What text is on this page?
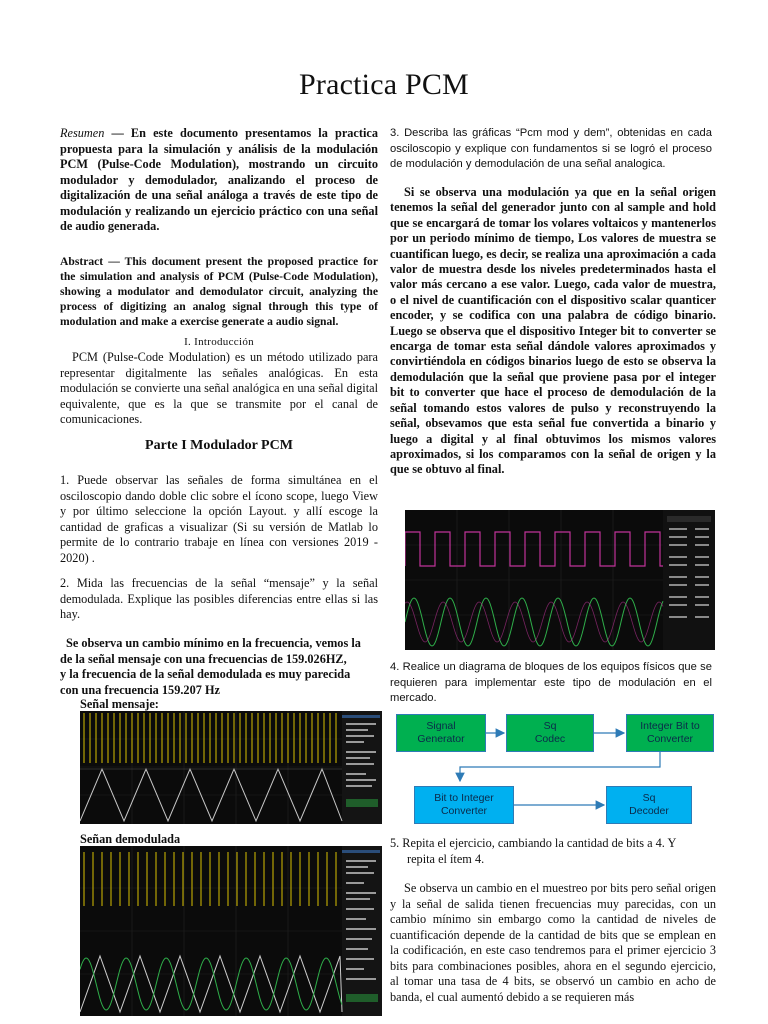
Practica PCM
Resumen — En este documento presentamos la practica propuesta para la simulación y análisis de la modulación PCM (Pulse-Code Modulation), mostrando un circuito modulador y demodulador, analizando el proceso de digitalización de una señal análoga a través de este tipo de modulación y realizando un ejercicio práctico con una señal de audio generada.
Abstract — This document present the proposed practice for the simulation and analysis of PCM (Pulse-Code Modulation), showing a modulator and demodulator circuit, analyzing the process of digitizing an analog signal through this type of modulation and make a exercise generate a audio signal.
I. Introducción
PCM (Pulse-Code Modulation) es un método utilizado para representar digitalmente las señales analógicas. En esta modulación se convierte una señal analógica en una señal digital equivalente, que es la que se transmite por el canal de comunicaciones.
Parte I Modulador PCM
1. Puede observar las señales de forma simultánea en el osciloscopio dando doble clic sobre el ícono scope, luego View y por último seleccione la opción Layout. y allí escoge la cantidad de graficas a visualizar (Si su versión de Matlab lo permite de lo contrario trabaje en línea con versiones 2019 - 2020) .
2. Mida las frecuencias de la señal “mensaje” y la señal demodulada. Explique las posibles diferencias entre ellas si las hay.
Se observa un cambio mínimo en la frecuencia, vemos la
de la señal mensaje con una frecuencias de 159.026HZ,
y la frecuencia de la señal demodulada es muy parecida
con una frecuencia 159.207 Hz
Señal mensaje:
Señan demodulada
3. Describa las gráficas “Pcm mod y dem”, obtenidas en cada osciloscopio y explique con fundamentos si se logró el proceso de modulación y demodulación de una señal analogica.
Si se observa una modulación ya que en la señal origen tenemos la señal del generador junto con al sample and hold que se encargará de tomar los volares voltaicos y mantenerlos por un periodo mínimo de tiempo, Los valores de muestra se cuantifican luego, es decir, se realiza una aproximación a cada valor de muestra desde los niveles predeterminados hasta el valor más cercano a ese valor. Luego, cada valor de muestra, o el nivel de cuantificación con el dispositivo scalar quanticer encoder, y se codifica con una palabra de código binario. Luego se observa que el dispositivo Integer bit to converter se encarga de tomar esta señal dándole valores aproximados y convirtiéndola en códigos binarios luego de esto se observa la demodulación que la señal que proviene pasa por el integer bit to converter que hace el proceso de demodulación de la señal tomando estos valores de pulso y reconstruyendo la señal, obsevamos que esta señal fue convertida a binario y luego a digital y al final obtuvimos los mismos valores aproximados, si los comparamos con la señal de origen y la que se obtuvo al final.
4. Realice un diagrama de bloques de los equipos físicos que se requieren para implementar este tipo de modulación en el mercado.
Signal
Generator
Sq
Codec
Integer Bit to
Converter
Bit to Integer
Converter
Sq
Decoder
5. Repita el ejercicio, cambiando la cantidad de bits a 4. Y
repita el ítem 4.
Se observa un cambio en el muestreo por bits pero señal origen y la señal de salida tienen frecuencias muy parecidas, con un cambio mínimo sin embargo como la cantidad de niveles de cuantificación depende de la cantidad de bits que se emplean en la codificación, en este caso tendremos para el primer ejercicio 3 bits para combinaciones posibles, ahora en el segundo ejercicio, al tomar una tasa de 4 bits, se observó un cambio en acho de banda, el cual aumentó debido a se requieren más
